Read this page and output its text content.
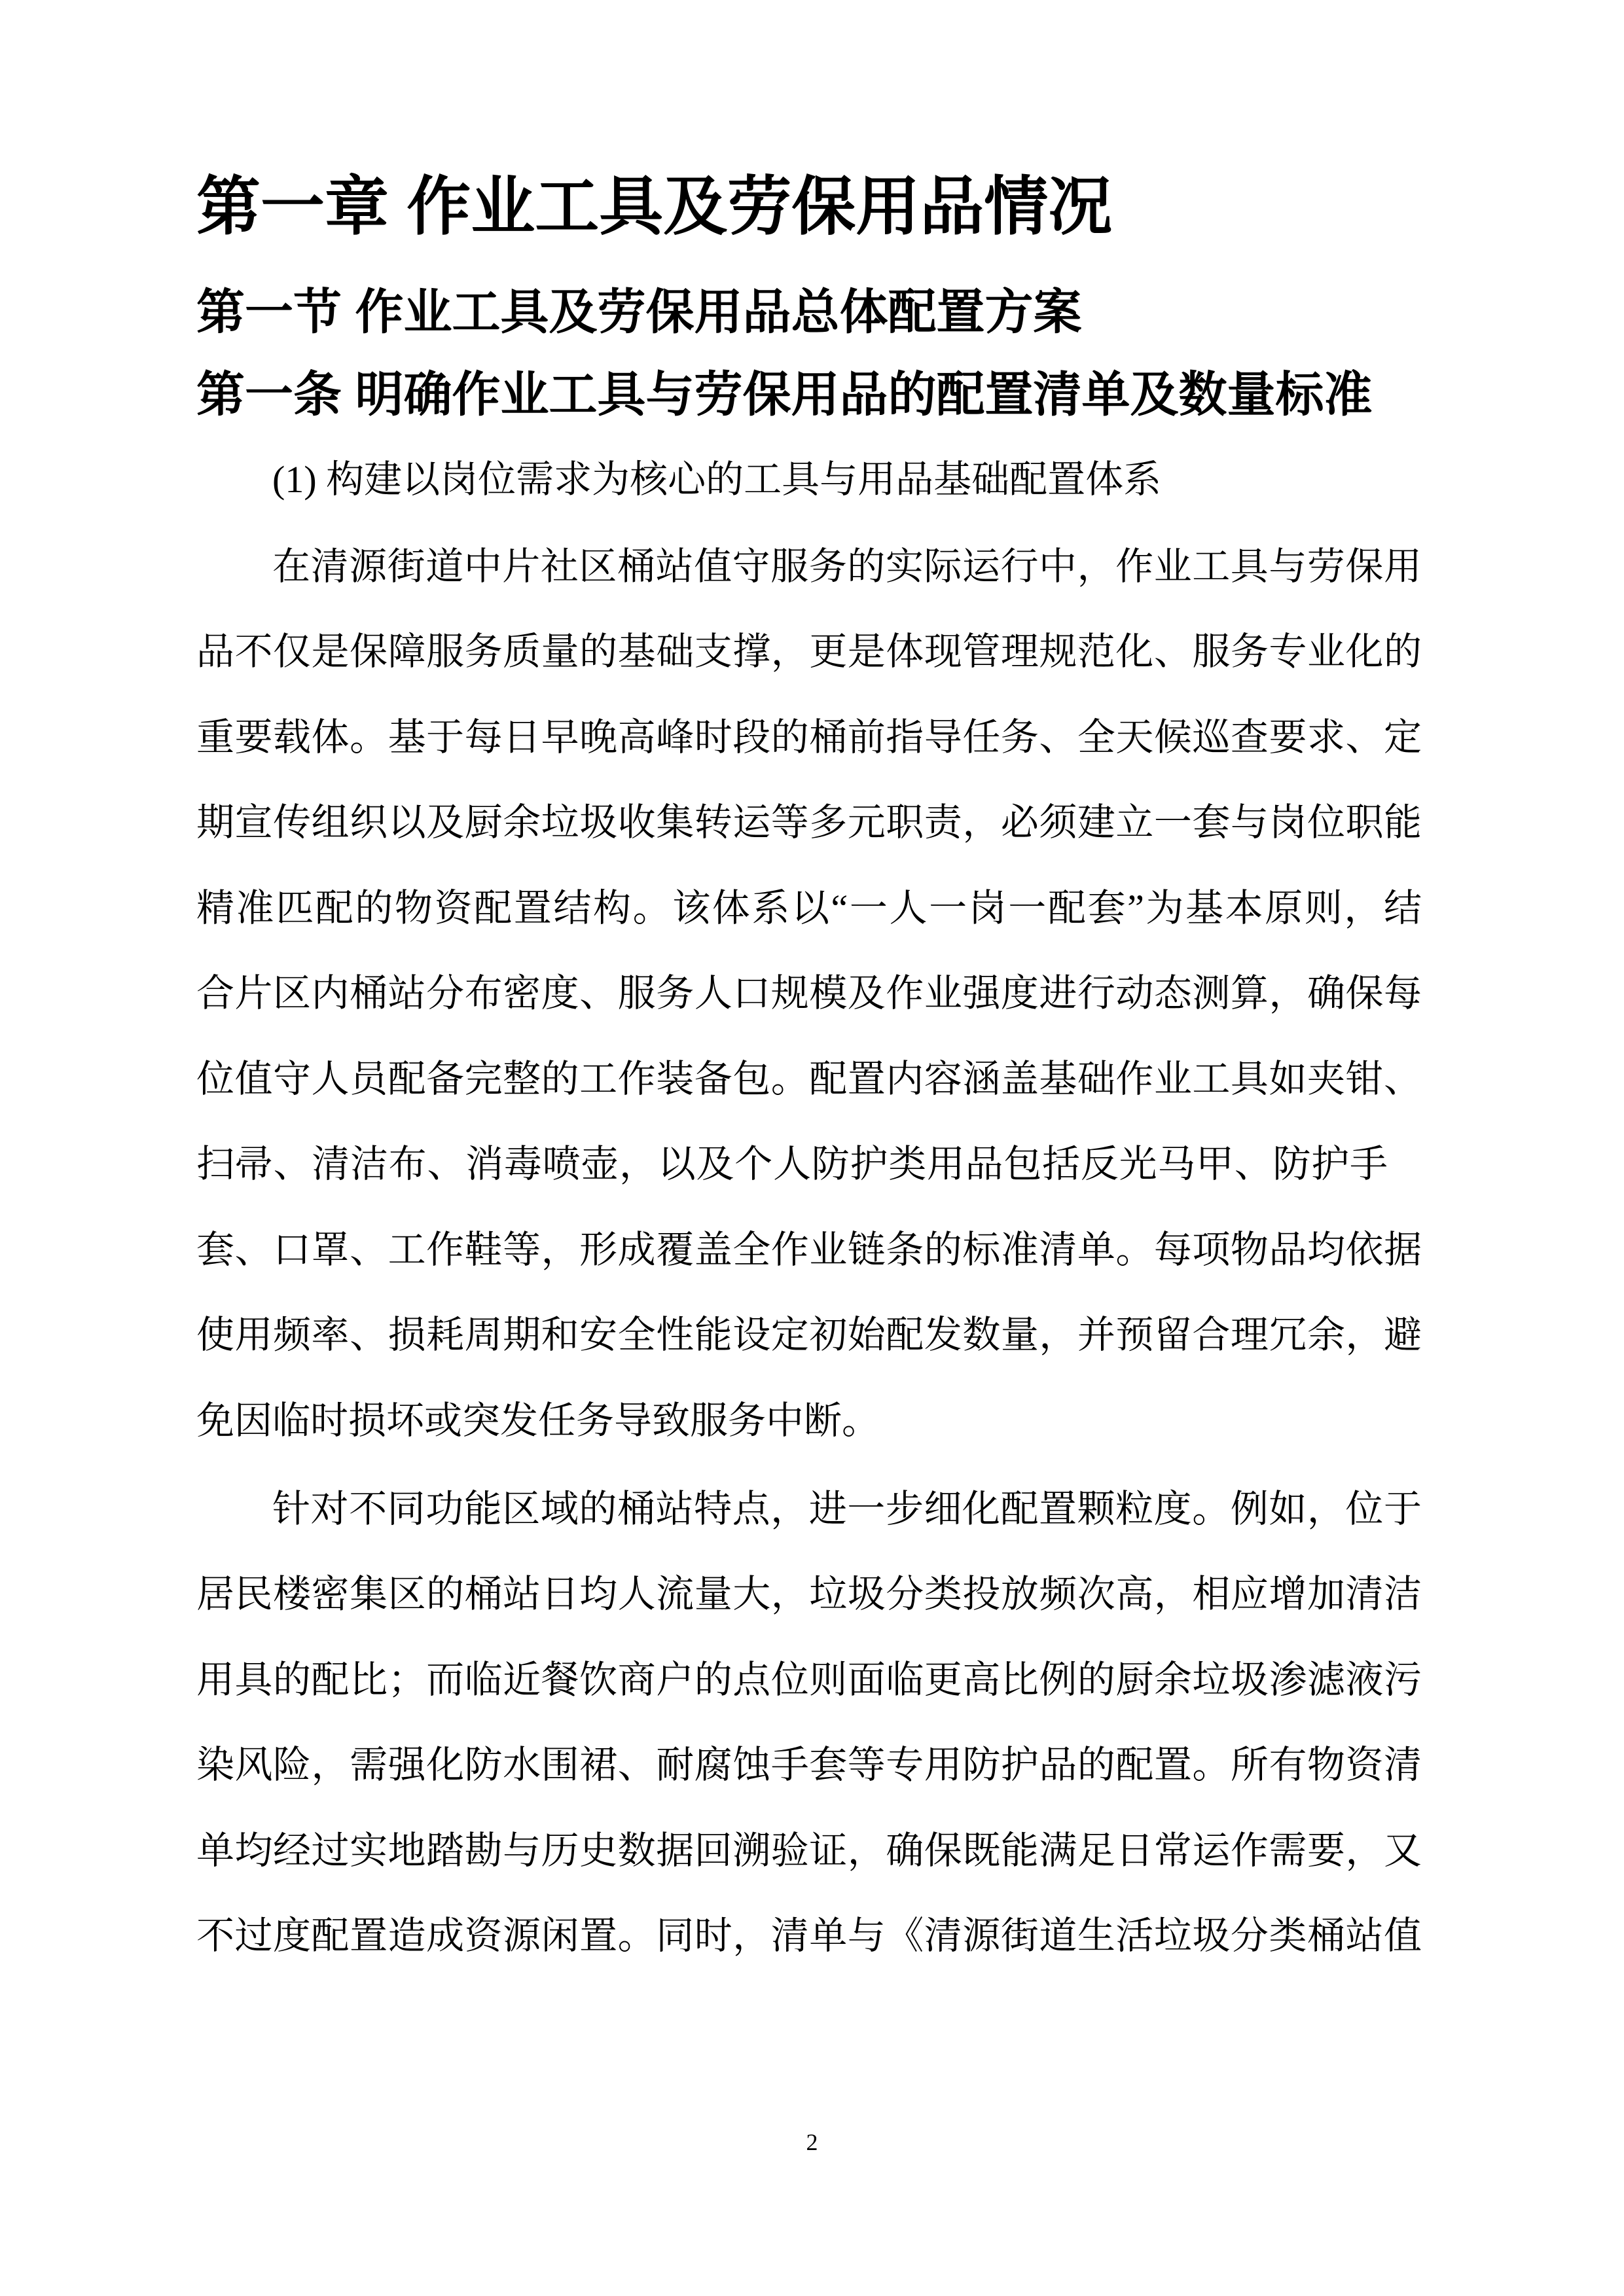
第一章 作业工具及劳保用品情况
第一节 作业工具及劳保用品总体配置方案
第一条 明确作业工具与劳保用品的配置清单及数量标准
(1) 构建以岗位需求为核心的工具与用品基础配置体系
在清源街道中片社区桶站值守服务的实际运行中，作业工具与劳保用
品不仅是保障服务质量的基础支撑，更是体现管理规范化、服务专业化的
重要载体。基于每日早晚高峰时段的桶前指导任务、全天候巡查要求、定
期宣传组织以及厨余垃圾收集转运等多元职责，必须建立一套与岗位职能
精准匹配的物资配置结构。该体系以“一人一岗一配套”为基本原则，结
合片区内桶站分布密度、服务人口规模及作业强度进行动态测算，确保每
位值守人员配备完整的工作装备包。配置内容涵盖基础作业工具如夹钳、
扫帚、清洁布、消毒喷壶，以及个人防护类用品包括反光马甲、防护手
套、口罩、工作鞋等，形成覆盖全作业链条的标准清单。每项物品均依据
使用频率、损耗周期和安全性能设定初始配发数量，并预留合理冗余，避
免因临时损坏或突发任务导致服务中断。
针对不同功能区域的桶站特点，进一步细化配置颗粒度。例如，位于
居民楼密集区的桶站日均人流量大，垃圾分类投放频次高，相应增加清洁
用具的配比；而临近餐饮商户的点位则面临更高比例的厨余垃圾渗滤液污
染风险，需强化防水围裙、耐腐蚀手套等专用防护品的配置。所有物资清
单均经过实地踏勘与历史数据回溯验证，确保既能满足日常运作需要，又
不过度配置造成资源闲置。同时，清单与《清源街道生活垃圾分类桶站值
2
